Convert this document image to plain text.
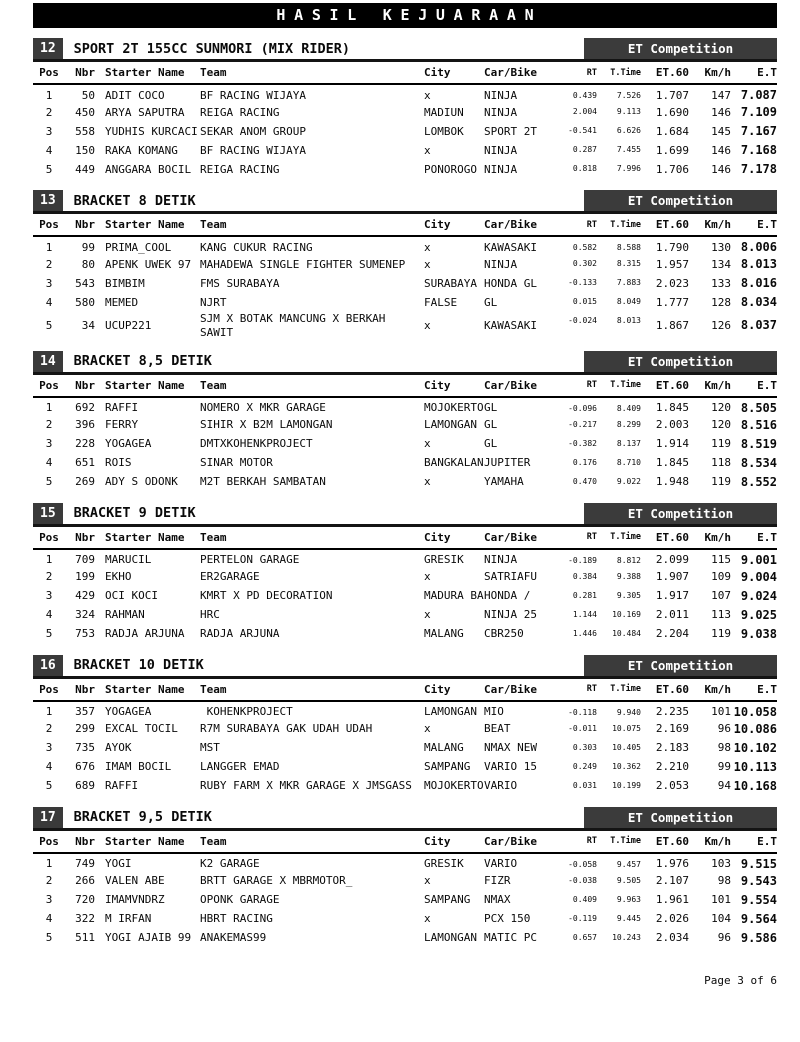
HASIL KEJUARAAN
12	SPORT 2T 155CC SUNMORI (MIX RIDER)	ET Competition
Pos	Nbr	Starter Name	Team	City	Car/Bike	RT	T.Time	ET.60	Km/h	E.T
1	50	ADIT COCO	BF RACING WIJAYA	x	NINJA	0.439	7.526	1.707	147	7.087
2	450	ARYA SAPUTRA	REIGA RACING	MADIUN	NINJA	2.004	9.113	1.690	146	7.109
3	558	YUDHIS KURCACI	SEKAR ANOM GROUP	LOMBOK	SPORT 2T	-0.541	6.626	1.684	145	7.167
4	150	RAKA KOMANG	BF RACING WIJAYA	x	NINJA	0.287	7.455	1.699	146	7.168
5	449	ANGGARA BOCIL	REIGA RACING	PONOROGO	NINJA	0.818	7.996	1.706	146	7.178
13	BRACKET 8 DETIK	ET Competition
Pos	Nbr	Starter Name	Team	City	Car/Bike	RT	T.Time	ET.60	Km/h	E.T
1	99	PRIMA_COOL	KANG CUKUR RACING	x	KAWASAKI	0.582	8.588	1.790	130	8.006
2	80	APENK UWEK 97	MAHADEWA SINGLE FIGHTER SUMENEP	x	NINJA	0.302	8.315	1.957	134	8.013
3	543	BIMBIM	FMS SURABAYA	SURABAYA	HONDA GL	-0.133	7.883	2.023	133	8.016
4	580	MEMED	NJRT	FALSE	GL	0.015	8.049	1.777	128	8.034
5	34	UCUP221	SJM X BOTAK MANCUNG X BERKAH SAWIT	x	KAWASAKI	-0.024	8.013	1.867	126	8.037
14	BRACKET 8,5 DETIK	ET Competition
Pos	Nbr	Starter Name	Team	City	Car/Bike	RT	T.Time	ET.60	Km/h	E.T
1	692	RAFFI	NOMERO X MKR GARAGE	MOJOKERTO	GL	-0.096	8.409	1.845	120	8.505
2	396	FERRY	SIHIR X B2M LAMONGAN	LAMONGAN	GL	-0.217	8.299	2.003	120	8.516
3	228	YOGAGEA	DMTXKOHENKPROJECT	x	GL	-0.382	8.137	1.914	119	8.519
4	651	ROIS	SINAR MOTOR	BANGKALAN	JUPITER	0.176	8.710	1.845	118	8.534
5	269	ADY S ODONK	M2T BERKAH SAMBATAN	x	YAMAHA	0.470	9.022	1.948	119	8.552
15	BRACKET 9 DETIK	ET Competition
Pos	Nbr	Starter Name	Team	City	Car/Bike	RT	T.Time	ET.60	Km/h	E.T
1	709	MARUCIL	PERTELON GARAGE	GRESIK	NINJA	-0.189	8.812	2.099	115	9.001
2	199	EKHO	ER2GARAGE	x	SATRIAFU	0.384	9.388	1.907	109	9.004
3	429	OCI KOCI	KMRT X PD DECORATION	MADURA BA	HONDA /	0.281	9.305	1.917	107	9.024
4	324	RAHMAN	HRC	x	NINJA 25	1.144	10.169	2.011	113	9.025
5	753	RADJA ARJUNA	RADJA ARJUNA	MALANG	CBR250	1.446	10.484	2.204	119	9.038
16	BRACKET 10 DETIK	ET Competition
Pos	Nbr	Starter Name	Team	City	Car/Bike	RT	T.Time	ET.60	Km/h	E.T
1	357	YOGAGEA	KOHENKPROJECT	LAMONGAN	MIO	-0.118	9.940	2.235	101	10.058
2	299	EXCAL TOCIL	R7M SURABAYA GAK UDAH UDAH	x	BEAT	-0.011	10.075	2.169	96	10.086
3	735	AYOK	MST	MALANG	NMAX NEW	0.303	10.405	2.183	98	10.102
4	676	IMAM BOCIL	LANGGER EMAD	SAMPANG	VARIO 15	0.249	10.362	2.210	99	10.113
5	689	RAFFI	RUBY FARM X MKR GARAGE X JMSGASS	MOJOKERTO	VARIO	0.031	10.199	2.053	94	10.168
17	BRACKET 9,5 DETIK	ET Competition
Pos	Nbr	Starter Name	Team	City	Car/Bike	RT	T.Time	ET.60	Km/h	E.T
1	749	YOGI	K2 GARAGE	GRESIK	VARIO	-0.058	9.457	1.976	103	9.515
2	266	VALEN ABE	BRTT GARAGE X MBRMOTOR_	x	FIZR	-0.038	9.505	2.107	98	9.543
3	720	IMAMVNDRZ	OPONK GARAGE	SAMPANG	NMAX	0.409	9.963	1.961	101	9.554
4	322	M IRFAN	HBRT RACING	x	PCX 150	-0.119	9.445	2.026	104	9.564
5	511	YOGI AJAIB 99	ANAKEMAS99	LAMONGAN	MATIC PC	0.657	10.243	2.034	96	9.586
Page 3 of 6
